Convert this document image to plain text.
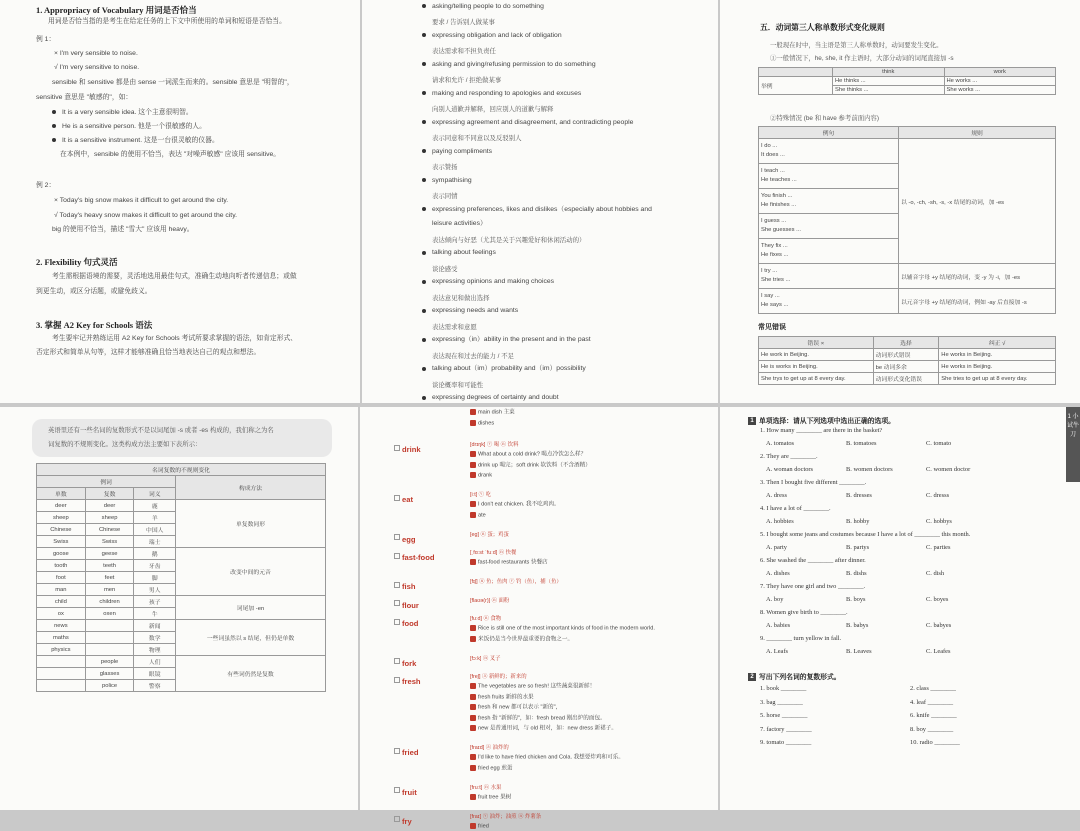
1. Appropriacy of Vocabulary 用词是否恰当
用词是否恰当指的是考生在给定任务的上下文中所使用的单词和短语是否恰当。
例 1：
× I'm very sensible to noise.
√ I'm very sensitive to noise.
sensible 和 sensitive 都是由 sense 一词派生而来的。sensible 意思是 "明智的"，
sensitive 意思是 "敏感的"，如：
It is a very sensible idea. 这个主意很明智。
He is a sensitive person. 他是一个很敏感的人。
It is a sensitive instrument. 这是一台很灵敏的仪器。
在本例中，sensible 的使用不恰当，表达 "对噪声敏感" 应该用 sensitive。
例 2：
× Today's big snow makes it difficult to get around the city.
√ Today's heavy snow makes it difficult to get around the city.
big 的使用不恰当，描述 "雪大" 应该用 heavy。
2. Flexibility 句式灵活
考生需根据语境的需要，灵活地选用最佳句式，准确生动地向听者传递信息；或做
到更生动，或区分话题，或避免歧义。
3. 掌握 A2 Key for Schools 语法
考生要牢记并熟练运用 A2 Key for Schools 考试所要求掌握的语法，如肯定形式、
否定形式和简单从句等，这样才能够准确且恰当地表达自己的观点和想法。
asking/telling people to do something
要求 / 告诉别人做某事
expressing obligation and lack of obligation
表达需求和不担负责任
asking and giving/refusing permission to do something
请求和允许 / 拒绝做某事
making and responding to apologies and excuses
向别人道歉并解释，回应别人的道歉与解释
expressing agreement and disagreement, and contradicting people
表示同意和不同意以及反驳别人
paying compliments
表示赞扬
sympathising
表示同情
expressing preferences, likes and dislikes（especially about hobbies and
leisure activities）
表达倾向与好恶（尤其是关于兴趣爱好和休闲活动的）
talking about feelings
谈论感受
expressing opinions and making choices
表达意见和做出选择
expressing needs and wants
表达需求和意愿
expressing（in）ability in the present and in the past
表达现在和过去的能力 / 不足
talking about（im）probability and（im）possibility
谈论概率和可能性
expressing degrees of certainty and doubt
五．动词第三人称单数形式变化规则
一般现在时中，当主语是第三人称单数时，动词要发生变化。
①一般情况下，he, she, it 作主语时，大部分动词的词尾直接加 -s
	think	work
举例	He thinks ...	He works ...
	She thinks ...	She works ...
②特殊情况 (be 和 have 参考前面内容)
例句	规则
I do ...
It does ...	以 -o, -ch, -sh, -s, -x 结尾的动词，加 -es
I teach ...
He teaches ...	
You finish ...
He finishes ...	
I guess ...
She guesses ...	
They fix ...
He fixes ...	
I try ...
She tries ...	以辅音字母 +y 结尾的动词，变 -y 为 -i，加 -es
I say ...
He says ...	以元音字母 +y 结尾的动词，例如 -ay 后直接加 -s
常见错误
错误 ×	选择	纠正 √
He work in Beijing.	动词形式错误	He works in Beijing.
He is works in Beijing.	be 动词多余	He works in Beijing.
She trys to get up at 8 every day.	动词形式变化错误	She tries to get up at 8 every day.
英语里还有一些名词的复数形式不是以词尾加 -s 或者 -es 构成的，我们称之为名
词复数的不规则变化。这类构成方法主要如下表所示：
名词复数的不规则变化			
例词			构成方法
单数	复数	词义	
deer	deer	鹿	单复数同形
sheep	sheep	羊	
Chinese	Chinese	中国人	
Swiss	Swiss	瑞士	
goose	geese	鹅	改变中间的元音
tooth	teeth	牙齿	
foot	feet	脚	
man	men	男人	
child	children	孩子	词尾加 -en
ox	oxen	牛	
news		新闻	一些词虽然以 s 结尾，但仍是单数
maths		数学	
physics		物理	
	people	人们	有些词仍然是复数
	glasses	眼镜	
	police	警察	
main dish 主菜
dishes
drink	[drɪŋk] ⓥ 喝 ⓝ 饮料
What about a cold drink? 喝点冷饮怎么样？
drink up 喝完；soft drink 软饮料（不含酒精）
drank
eat	[iːt] ⓥ 吃
I don't eat chicken. 我不吃鸡肉。
ate
egg	[eg] ⓝ 蛋；鸡蛋
fast-food	[ˌfɑːst ˈfuːd] ⓝ 快餐
fast-food restaurants 快餐店
fish	[fɪʃ] ⓝ 鱼；鱼肉 ⓥ 钓（鱼），捕（鱼）
flour	[flaʊə(r)] ⓝ 面粉
food	[fuːd] ⓝ 食物
Rice is still one of the most important kinds of food in the modern world.
米饭仍是当今世界最重要的食物之一。
fork	[fɔːk] ⓝ 叉子
fresh	[freʃ] ⓐ 新鲜的；新来的
The vegetables are so fresh! 这些蔬菜很新鲜！
fresh fruits 新鲜的水果
fresh 和 new 都可以表示 "新的"，
fresh 指 "新鲜的"，如：fresh bread 刚出炉的面包。
new 是普通用词，与 old 相对，如：new dress 新裙子。
fried	[fraɪd] ⓐ 油炸的
I'd like to have fried chicken and Cola. 我想要炸鸡和可乐。
fried egg 煎蛋
fruit	[fruːt] ⓝ 水果
fruit tree 果树
fry	[fraɪ] ⓥ 油炸；油煎 ⓝ 炸薯条
fried
1 小试牛刀
1 单项选择：请从下列选项中选出正确的选项。
1. How many ________ are there in the basket?
A. tomatos	B. tomatoes	C. tomato
2. They are ________.
A. woman doctors	B. women doctors	C. women doctor
3. Then I bought five different ________.
A. dress	B. dresses	C. dresss
4. I have a lot of ________.
A. hobbies	B. hobby	C. hobbys
5. I bought some jeans and costumes because I have a lot of ________ this month.
A. party	B. partys	C. parties
6. She washed the ________ after dinner.
A. dishes	B. dishs	C. dish
7. They have one girl and two ________.
A. boy	B. boys	C. boyes
8. Women give birth to ________.
A. babies	B. babys	C. babyes
9. ________ turn yellow in fall.
A. Leafs	B. Leaves	C. Leafes
2 写出下列名词的复数形式。
1. book ________
3. bag ________
5. horse ________
7. factory ________
9. tomato ________
2. class ________
4. leaf ________
6. knife ________
8. boy ________
10. radio ________
